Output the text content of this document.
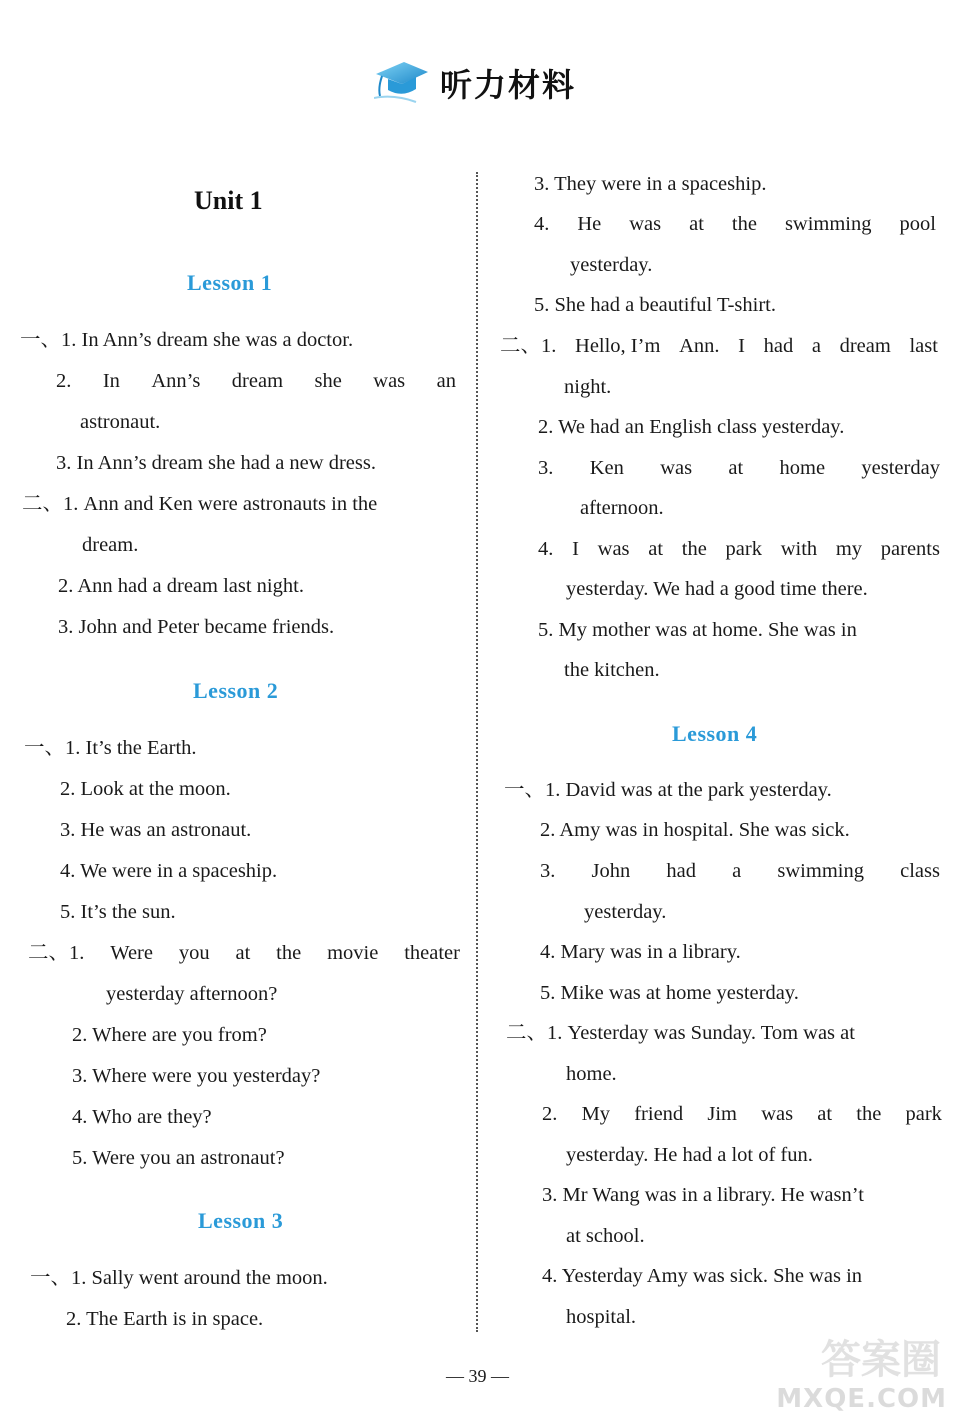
听力材料
Unit 1
Lesson 1
一、1. In Ann’s dream she was a doctor.
2. In Ann’s dream she was an
astronaut.
3. In Ann’s dream she had a new dress.
二、1. Ann and Ken were astronauts in the
dream.
2. Ann had a dream last night.
3. John and Peter became friends.
Lesson 2
一、1. It’s the Earth.
2. Look at the moon.
3. He was an astronaut.
4. We were in a spaceship.
5. It’s the sun.
二、1. Were you at the movie theater
yesterday afternoon?
2. Where are you from?
3. Where were you yesterday?
4. Who are they?
5. Were you an astronaut?
Lesson 3
一、1. Sally went around the moon.
2. The Earth is in space.
3. They were in a spaceship.
4. He was at the swimming pool
yesterday.
5. She had a beautiful T-shirt.
二、1. Hello, I’m Ann. I had a dream last
night.
2. We had an English class yesterday.
3. Ken was at home yesterday
afternoon.
4. I was at the park with my parents
yesterday. We had a good time there.
5. My mother was at home. She was in
the kitchen.
Lesson 4
一、1. David was at the park yesterday.
2. Amy was in hospital. She was sick.
3. John had a swimming class
yesterday.
4. Mary was in a library.
5. Mike was at home yesterday.
二、1. Yesterday was Sunday. Tom was at
home.
2. My friend Jim was at the park
yesterday. He had a lot of fun.
3. Mr Wang was in a library. He wasn’t
at school.
4. Yesterday Amy was sick. She was in
hospital.
— 39 —	答案圈
MXQE.COM
